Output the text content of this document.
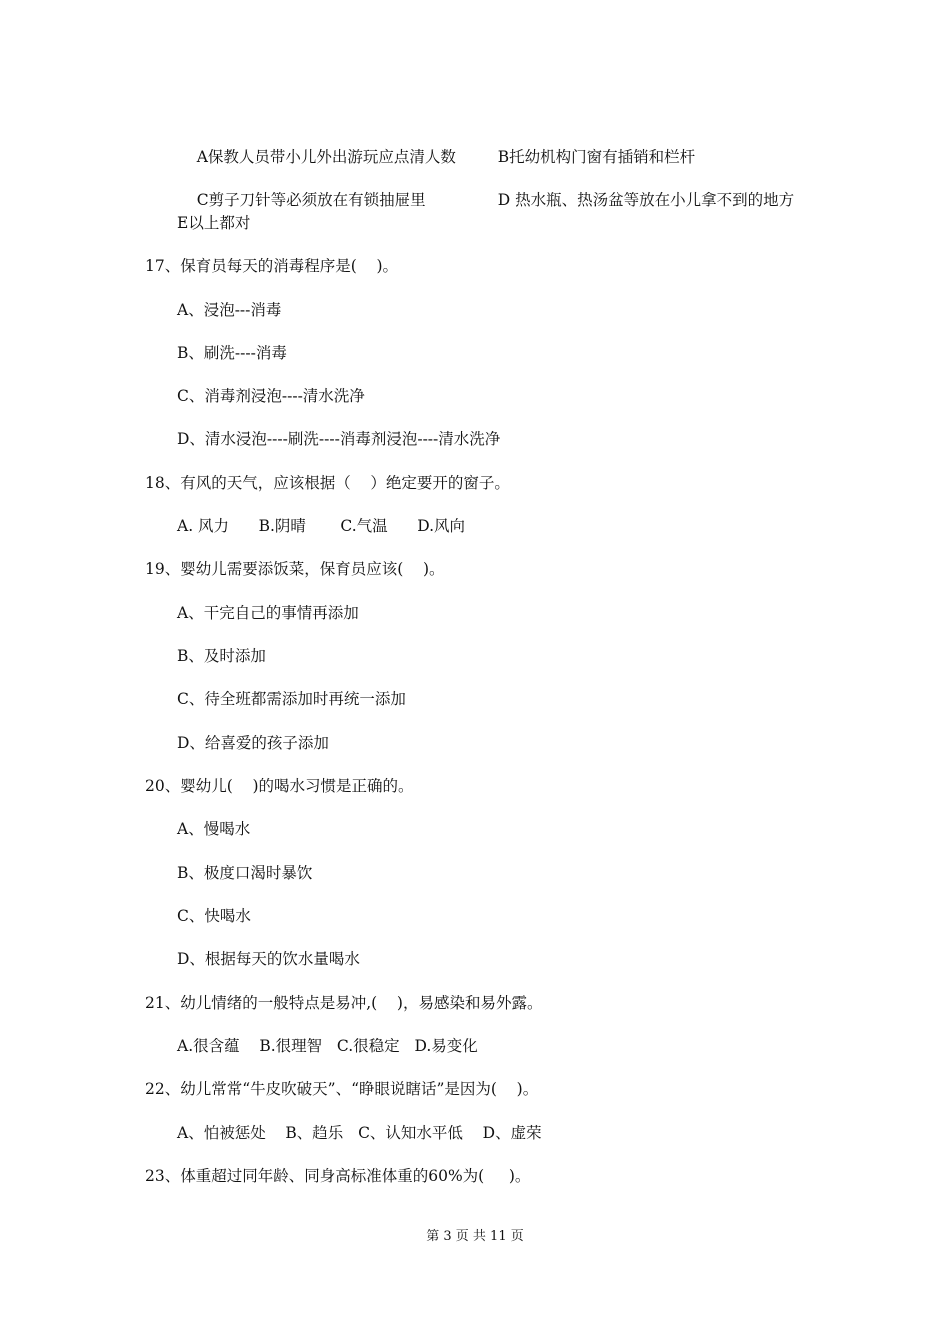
A保教人员带小儿外出游玩应点清人数
	B托幼机构门窗有插销和栏杆

C剪子刀针等必须放在有锁抽屉里
	D 热水瓶、热汤盆等放在小儿拿不到的地方

E以上都对
17、保育员每天的消毒程序是(    )。
A、浸泡---消毒
B、刷洗----消毒
C、消毒剂浸泡----清水洗净
D、清水浸泡----刷洗----消毒剂浸泡----清水洗净
18、有风的天气，应该根据（    ）绝定要开的窗子。
A. 风力      B.阴晴       C.气温      D.风向
19、婴幼儿需要添饭菜，保育员应该(    )。
A、干完自己的事情再添加
B、及时添加
C、待全班都需添加时再统一添加
D、给喜爱的孩子添加
20、婴幼儿(    )的喝水习惯是正确的。
A、慢喝水
B、极度口渴时暴饮
C、快喝水
D、根据每天的饮水量喝水
21、幼儿情绪的一般特点是易冲,(    )，易感染和易外露。
A.很含蕴    B.很理智   C.很稳定   D.易变化
22、幼儿常常“牛皮吹破天”、“睁眼说瞎话”是因为(    )。
A、怕被惩处    B、趋乐   C、认知水平低    D、虚荣
23、体重超过同年龄、同身高标准体重的60%为(     )。
第 3 页 共 11 页
